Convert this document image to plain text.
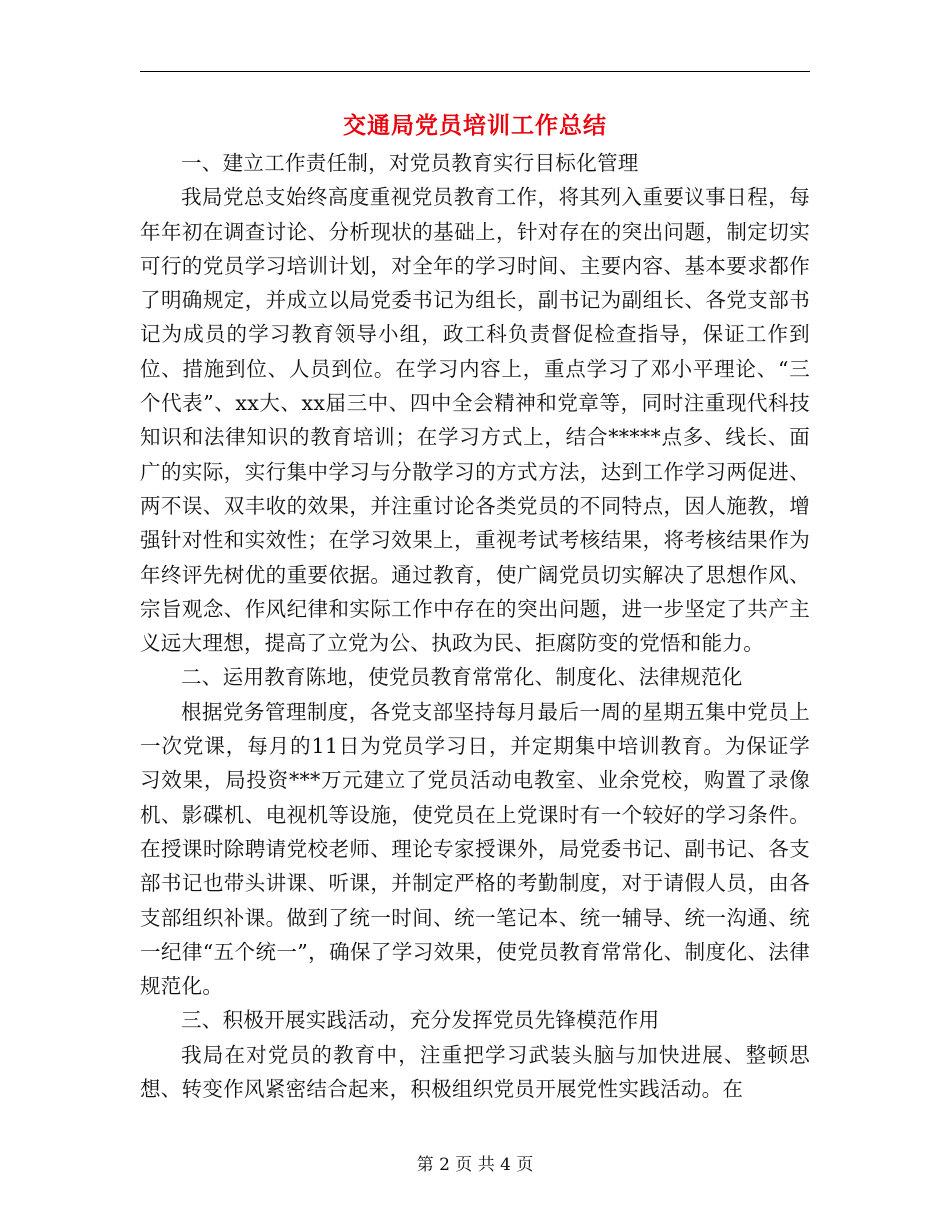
交通局党员培训工作总结

一、建立工作责任制，对党员教育实行目标化管理

我局党总支始终高度重视党员教育工作，将其列入重要议事日程，每年年初在调查讨论、分析现状的基础上，针对存在的突出问题，制定切实可行的党员学习培训计划，对全年的学习时间、主要内容、基本要求都作了明确规定，并成立以局党委书记为组长，副书记为副组长、各党支部书记为成员的学习教育领导小组，政工科负责督促检查指导，保证工作到位、措施到位、人员到位。在学习内容上，重点学习了邓小平理论、“三个代表”、xx大、xx届三中、四中全会精神和党章等，同时注重现代科技知识和法律知识的教育培训；在学习方式上，结合*****点多、线长、面广的实际，实行集中学习与分散学习的方式方法，达到工作学习两促进、两不误、双丰收的效果，并注重讨论各类党员的不同特点，因人施教，增强针对性和实效性；在学习效果上，重视考试考核结果，将考核结果作为年终评先树优的重要依据。通过教育，使广阔党员切实解决了思想作风、宗旨观念、作风纪律和实际工作中存在的突出问题，进一步坚定了共产主义远大理想，提高了立党为公、执政为民、拒腐防变的党悟和能力。

二、运用教育陈地，使党员教育常常化、制度化、法律规范化

根据党务管理制度，各党支部坚持每月最后一周的星期五集中党员上一次党课，每月的11日为党员学习日，并定期集中培训教育。为保证学习效果，局投资***万元建立了党员活动电教室、业余党校，购置了录像机、影碟机、电视机等设施，使党员在上党课时有一个较好的学习条件。在授课时除聘请党校老师、理论专家授课外，局党委书记、副书记、各支部书记也带头讲课、听课，并制定严格的考勤制度，对于请假人员，由各支部组织补课。做到了统一时间、统一笔记本、统一辅导、统一沟通、统一纪律“五个统一”，确保了学习效果，使党员教育常常化、制度化、法律规范化。

三、积极开展实践活动，充分发挥党员先锋模范作用

我局在对党员的教育中，注重把学习武装头脑与加快进展、整顿思想、转变作风紧密结合起来，积极组织党员开展党性实践活动。在

第 2 页 共 4 页
